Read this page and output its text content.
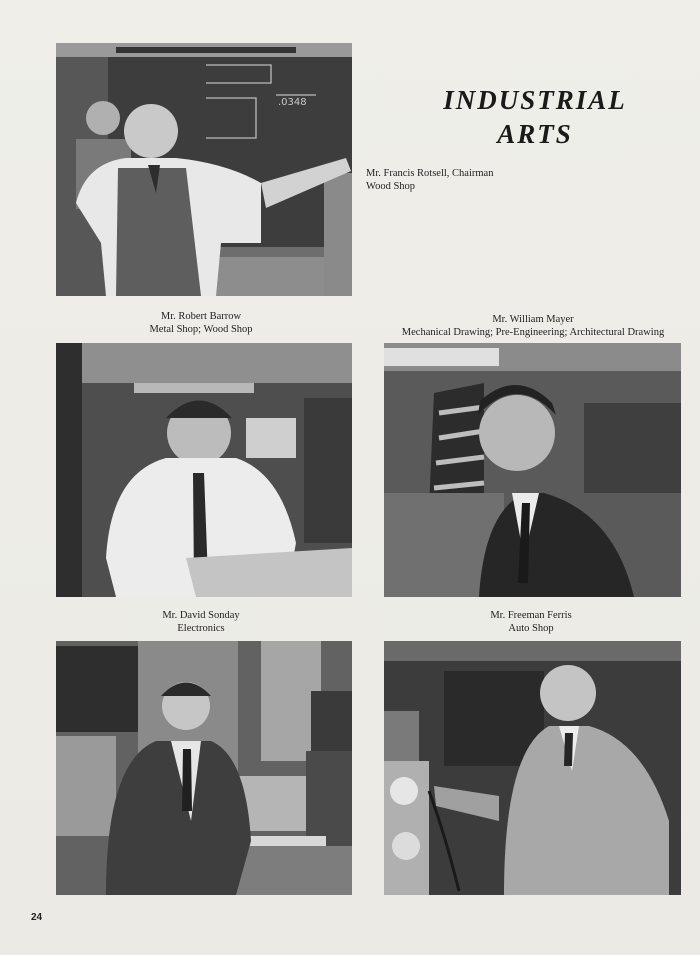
INDUSTRIAL
ARTS
.0348
Mr. Francis Rotsell, Chairman
Wood Shop
Mr. Robert Barrow
Metal Shop; Wood Shop
Mr. William Mayer
Mechanical Drawing; Pre-Engineering; Architectural Drawing
Mr. David Sonday
Electronics
Mr. Freeman Ferris
Auto Shop
24
